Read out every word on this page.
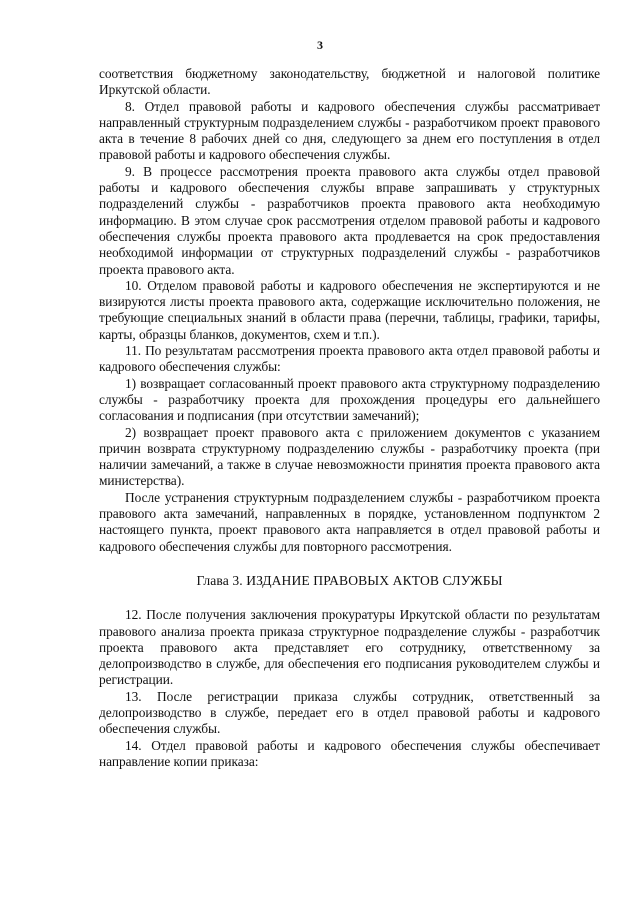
3

соответствия бюджетному законодательству, бюджетной и налоговой политике Иркутской области.

8. Отдел правовой работы и кадрового обеспечения службы рассматривает направленный структурным подразделением службы - разработчиком проект правового акта в течение 8 рабочих дней со дня, следующего за днем его поступления в отдел правовой работы и кадрового обеспечения службы.

9. В процессе рассмотрения проекта правового акта службы отдел правовой работы и кадрового обеспечения службы вправе запрашивать у структурных подразделений службы - разработчиков проекта правового акта необходимую информацию. В этом случае срок рассмотрения отделом правовой работы и кадрового обеспечения службы проекта правового акта продлевается на срок предоставления необходимой информации от структурных подразделений службы - разработчиков проекта правового акта.

10. Отделом правовой работы и кадрового обеспечения не экспертируются и не визируются листы проекта правового акта, содержащие исключительно положения, не требующие специальных знаний в области права (перечни, таблицы, графики, тарифы, карты, образцы бланков, документов, схем и т.п.).

11. По результатам рассмотрения проекта правового акта отдел правовой работы и кадрового обеспечения службы:

1) возвращает согласованный проект правового акта структурному подразделению службы - разработчику проекта для прохождения процедуры его дальнейшего согласования и подписания (при отсутствии замечаний);

2) возвращает проект правового акта с приложением документов с указанием причин возврата структурному подразделению службы - разработчику проекта (при наличии замечаний, а также в случае невозможности принятия проекта правового акта министерства).

После устранения структурным подразделением службы - разработчиком проекта правового акта замечаний, направленных в порядке, установленном подпунктом 2 настоящего пункта, проект правового акта направляется в отдел правовой работы и кадрового обеспечения службы для повторного рассмотрения.

Глава 3. ИЗДАНИЕ ПРАВОВЫХ АКТОВ СЛУЖБЫ

12. После получения заключения прокуратуры Иркутской области по результатам правового анализа проекта приказа структурное подразделение службы - разработчик проекта правового акта представляет его сотруднику, ответственному за делопроизводство в службе, для обеспечения его подписания руководителем службы и регистрации.

13. После регистрации приказа службы сотрудник, ответственный за делопроизводство в службе, передает его в отдел правовой работы и кадрового обеспечения службы.

14. Отдел правовой работы и кадрового обеспечения службы обеспечивает направление копии приказа:
